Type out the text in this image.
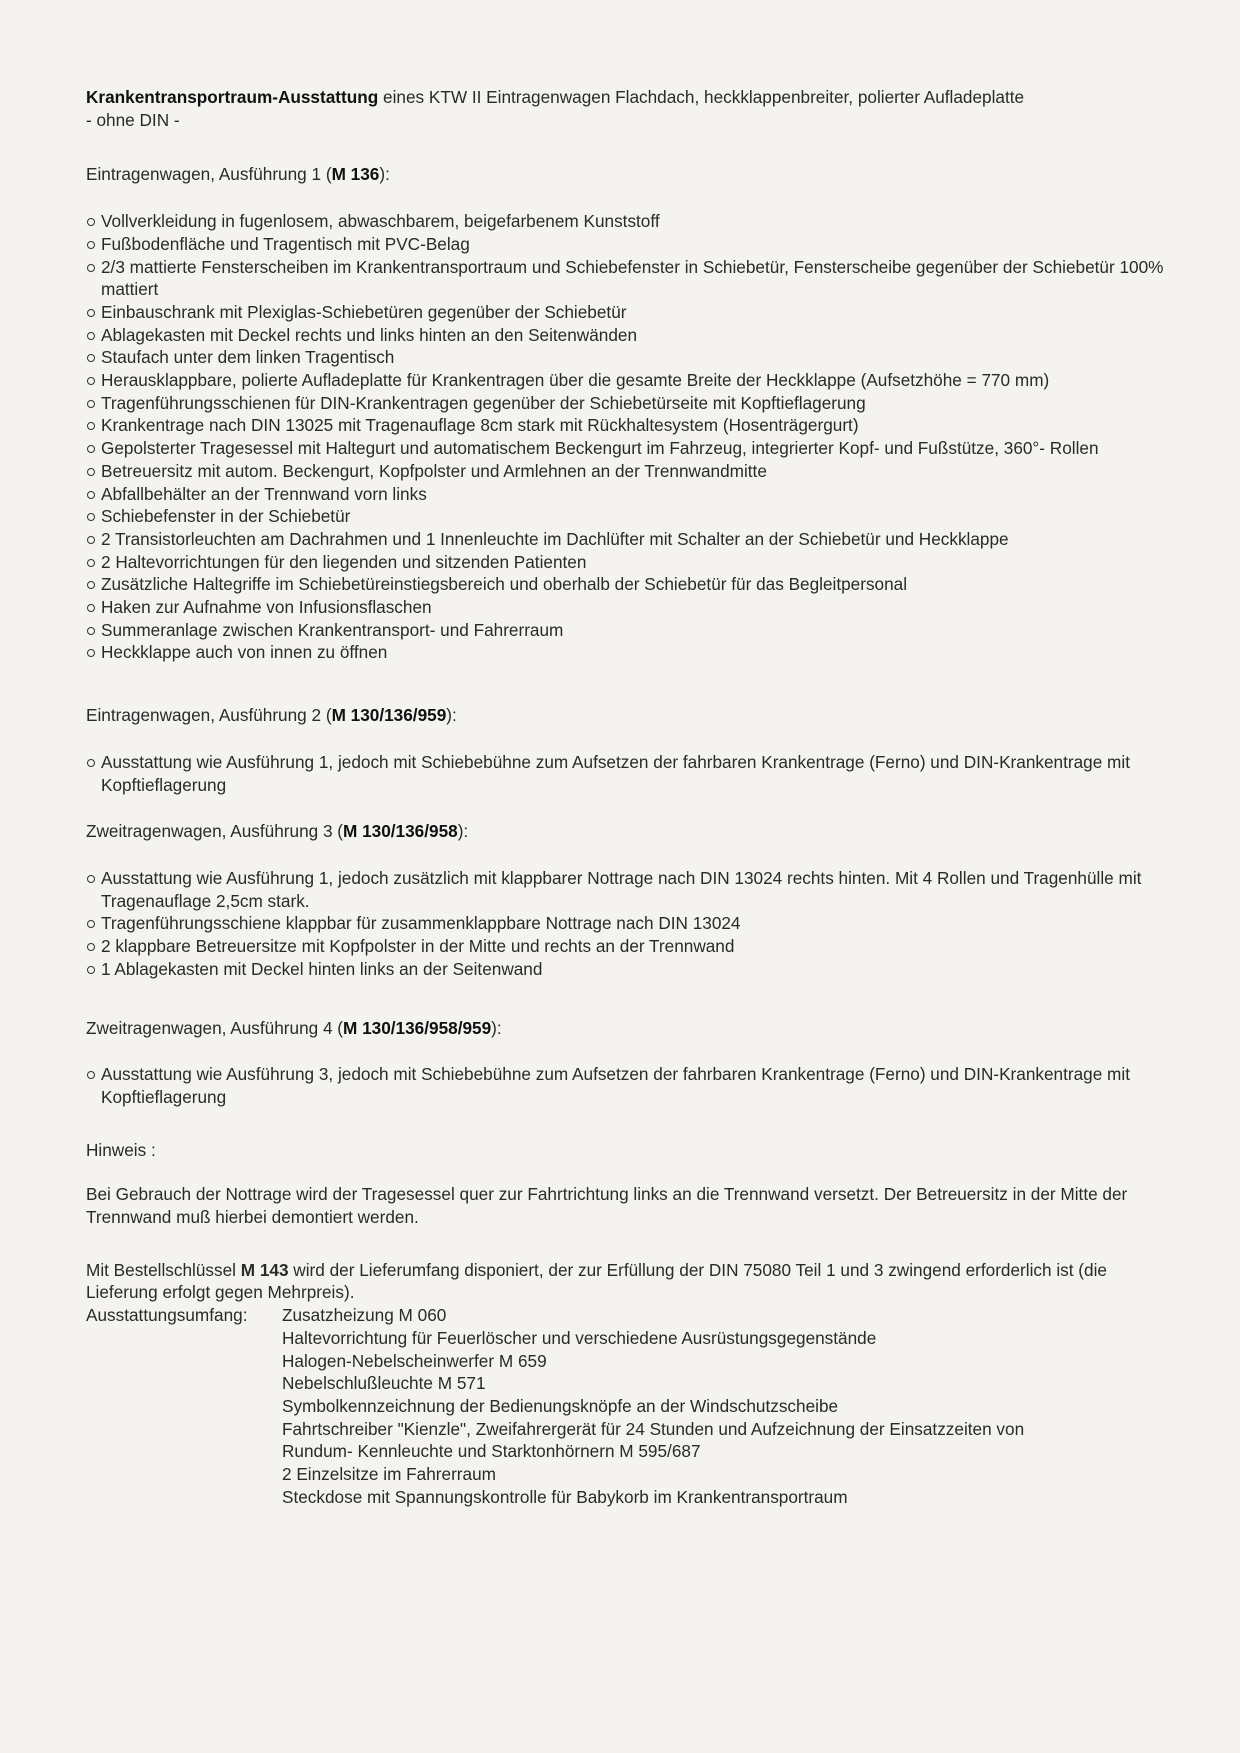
Krankentransportraum-Ausstattung eines KTW II Eintragenwagen Flachdach, heckklappenbreiter, polierter Aufladeplatte
- ohne DIN -
Eintragenwagen, Ausführung 1 (M 136):
Vollverkleidung in fugenlosem, abwaschbarem, beigefarbenem Kunststoff
Fußbodenfläche und Tragentisch mit PVC-Belag
2/3 mattierte Fensterscheiben im Krankentransportraum und Schiebefenster in Schiebetür, Fensterscheibe gegenüber der Schiebetür 100% mattiert
Einbauschrank mit Plexiglas-Schiebetüren gegenüber der Schiebetür
Ablagekasten mit Deckel rechts und links hinten an den Seitenwänden
Staufach unter dem linken Tragentisch
Herausklappbare, polierte Aufladeplatte für Krankentragen über die gesamte Breite der Heckklappe (Aufsetzhöhe = 770 mm)
Tragenführungsschienen für DIN-Krankentragen gegenüber der Schiebetürseite mit Kopftieflagerung
Krankentrage nach DIN 13025 mit Tragenauflage 8cm stark mit Rückhaltesystem (Hosenträgergurt)
Gepolsterter Tragesessel mit Haltegurt und automatischem Beckengurt im Fahrzeug, integrierter Kopf- und Fußstütze, 360°- Rollen
Betreuersitz mit autom. Beckengurt, Kopfpolster und Armlehnen an der Trennwandmitte
Abfallbehälter an der Trennwand vorn links
Schiebefenster in der Schiebetür
2 Transistorleuchten am Dachrahmen und 1 Innenleuchte im Dachlüfter mit Schalter an der Schiebetür und Heckklappe
2 Haltevorrichtungen für den liegenden und sitzenden Patienten
Zusätzliche Haltegriffe im Schiebetüreinstiegsbereich und oberhalb der Schiebetür für das Begleitpersonal
Haken zur Aufnahme von Infusionsflaschen
Summeranlage zwischen Krankentransport- und Fahrerraum
Heckklappe auch von innen zu öffnen
Eintragenwagen, Ausführung 2 (M 130/136/959):
Ausstattung wie Ausführung 1, jedoch mit Schiebebühne zum Aufsetzen der fahrbaren Krankentrage (Ferno) und DIN-Krankentrage mit Kopftieflagerung
Zweitragenwagen, Ausführung 3 (M 130/136/958):
Ausstattung wie Ausführung 1, jedoch zusätzlich mit klappbarer Nottrage nach DIN 13024 rechts hinten. Mit 4 Rollen und Tragenhülle mit Tragenauflage 2,5cm stark.
Tragenführungsschiene klappbar für zusammenklappbare Nottrage nach DIN 13024
2 klappbare Betreuersitze mit Kopfpolster in der Mitte und rechts an der Trennwand
1 Ablagekasten mit Deckel hinten links an der Seitenwand
Zweitragenwagen, Ausführung 4 (M 130/136/958/959):
Ausstattung wie Ausführung 3, jedoch mit Schiebebühne zum Aufsetzen der fahrbaren Krankentrage (Ferno) und DIN-Krankentrage mit Kopftieflagerung

Hinweis :

Bei Gebrauch der Nottrage wird der Tragesessel quer zur Fahrtrichtung links an die Trennwand versetzt. Der Betreuersitz in der Mitte der Trennwand muß hierbei demontiert werden.

Mit Bestellschlüssel M 143 wird der Lieferumfang disponiert, der zur Erfüllung der DIN 75080 Teil 1 und 3 zwingend erforderlich ist (die Lieferung erfolgt gegen Mehrpreis).
Ausstattungsumfang:	Zusatzheizung M 060
Haltevorrichtung für Feuerlöscher und verschiedene Ausrüstungsgegenstände
Halogen-Nebelscheinwerfer M 659
Nebelschlußleuchte M 571
Symbolkennzeichnung der Bedienungsknöpfe an der Windschutzscheibe
Fahrtschreiber "Kienzle", Zweifahrergerät für 24 Stunden und Aufzeichnung der Einsatzzeiten von
Rundum- Kennleuchte und Starktonhörnern M 595/687
2 Einzelsitze im Fahrerraum
Steckdose mit Spannungskontrolle für Babykorb im Krankentransportraum
